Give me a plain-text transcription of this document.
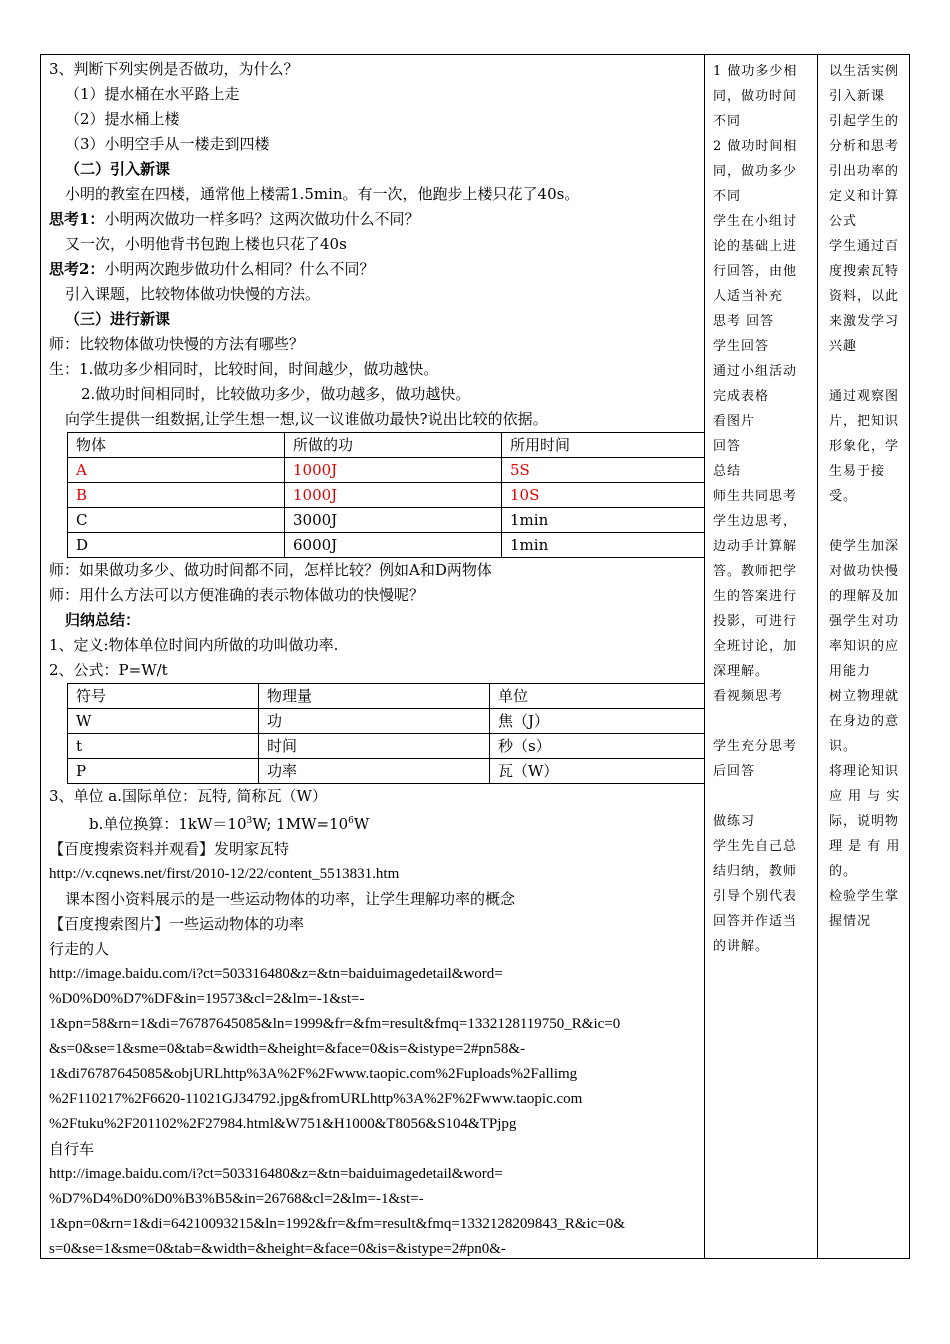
3、判断下列实例是否做功，为什么？
（1）提水桶在水平路上走
（2）提水桶上楼
（3）小明空手从一楼走到四楼
（二）引入新课
小明的教室在四楼，通常他上楼需1.5min。有一次，他跑步上楼只花了40s。
思考1：小明两次做功一样多吗？这两次做功什么不同？
又一次，小明他背书包跑上楼也只花了40s
思考2：小明两次跑步做功什么相同？什么不同？
引入课题，比较物体做功快慢的方法。
（三）进行新课
师：比较物体做功快慢的方法有哪些？
生：1.做功多少相同时，比较时间，时间越少，做功越快。
2.做功时间相同时，比较做功多少，做功越多，做功越快。
向学生提供一组数据,让学生想一想,议一议谁做功最快?说出比较的依据。
物体	所做的功	所用时间
A	1000J	5S
B	1000J	10S
C	3000J	1min
D	6000J	1min
师：如果做功多少、做功时间都不同，怎样比较？例如A和D两物体
师：用什么方法可以方便准确的表示物体做功的快慢呢？
归纳总结：
1、定义:物体单位时间内所做的功叫做功率.
2、公式：P=W/t
符号	物理量	单位
W	功	焦（J）
t	时间	秒（s）
P	功率	瓦（W）
3、单位 a.国际单位：瓦特, 简称瓦（W）
b.单位换算：$1kW=10^3W$; $1MW=10^6W$
【百度搜索资料并观看】发明家瓦特
http://v.cqnews.net/first/2010-12/22/content_5513831.htm
课本图小资料展示的是一些运动物体的功率，让学生理解功率的概念
【百度搜索图片】一些运动物体的功率
行走的人
http://image.baidu.com/i?ct=503316480&z=&tn=baiduimagedetail&word=
%D0%D0%D7%DF&in=19573&cl=2&lm=-1&st=-
1&pn=58&rn=1&di=76787645085&ln=1999&fr=&fm=result&fmq=1332128119750_R&ic=0
&s=0&se=1&sme=0&tab=&width=&height=&face=0&is=&istype=2#pn58&-
1&di76787645085&objURLhttp%3A%2F%2Fwww.taopic.com%2Fuploads%2Fallimg
%2F110217%2F6620-11021GJ34792.jpg&fromURLhttp%3A%2F%2Fwww.taopic.com
%2Ftuku%2F201102%2F27984.html&W751&H1000&T8056&S104&TPjpg
自行车
http://image.baidu.com/i?ct=503316480&z=&tn=baiduimagedetail&word=
%D7%D4%D0%D0%B3%B5&in=26768&cl=2&lm=-1&st=-
1&pn=0&rn=1&di=64210093215&ln=1992&fr=&fm=result&fmq=1332128209843_R&ic=0&
s=0&se=1&sme=0&tab=&width=&height=&face=0&is=&istype=2#pn0&-

1 做功多少相

同，做功时间

不同

2 做功时间相

同，做功多少

不同

学生在小组讨

论的基础上进

行回答，由他

人适当补充

思考 回答

学生回答

通过小组活动

完成表格

看图片

回答

总结

师生共同思考

学生边思考，

边动手计算解

答。教师把学

生的答案进行

投影，可进行

全班讨论，加

深理解。

看视频思考

学生充分思考

后回答

做练习

学生先自己总

结归纳，教师

引导个别代表

回答并作适当

的讲解。

以生活实例

引入新课

引起学生的

分析和思考

引出功率的

定义和计算

公式

学生通过百

度搜索瓦特

资料，以此

来激发学习

兴趣

通过观察图

片，把知识

形象化，学

生易于接

受。

使学生加深

对做功快慢

的理解及加

强学生对功

率知识的应

用能力

树立物理就

在身边的意

识。

将理论知识

应 用 与 实

际，说明物

理 是 有 用

的。

检验学生掌

握情况
